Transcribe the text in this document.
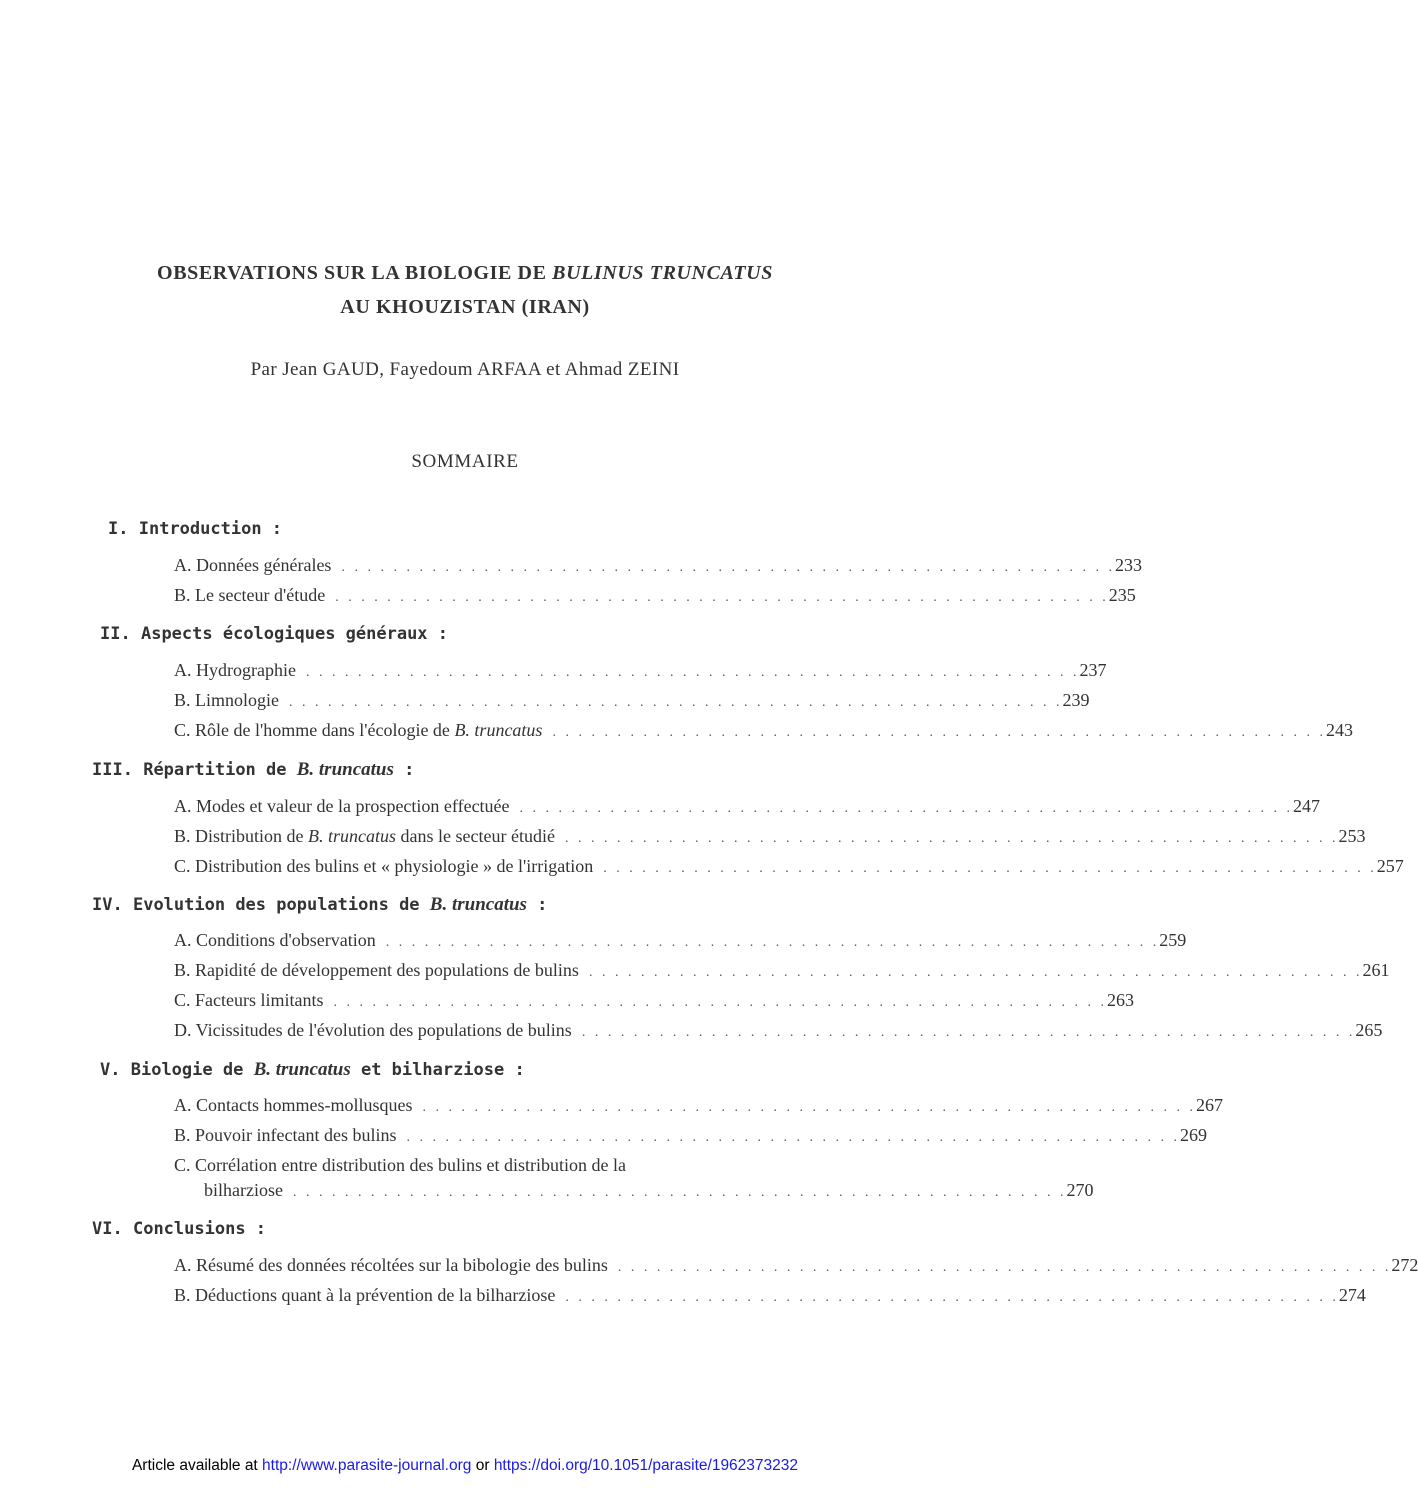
OBSERVATIONS SUR LA BIOLOGIE DE BULINUS TRUNCATUS
AU KHOUZISTAN (IRAN)
Par Jean GAUD, Fayedoum ARFAA et Ahmad ZEINI
SOMMAIRE
I. Introduction :
II. Aspects écologiques généraux :
III. Répartition de B. truncatus :
IV. Evolution des populations de B. truncatus :
V. Biologie de B. truncatus et bilharziose :
VI. Conclusions :
A. Données générales . . . . . . . . . . . . . . . . . . . . . . . . . . . . . . . . . . . . . . . . . . . . . . . . . . . . . . . . . . . . 233
B. Le secteur d'étude . . . . . . . . . . . . . . . . . . . . . . . . . . . . . . . . . . . . . . . . . . . . . . . . . . . . . . . . . . . . 235
A. Hydrographie . . . . . . . . . . . . . . . . . . . . . . . . . . . . . . . . . . . . . . . . . . . . . . . . . . . . . . . . . . . . 237
B. Limnologie . . . . . . . . . . . . . . . . . . . . . . . . . . . . . . . . . . . . . . . . . . . . . . . . . . . . . . . . . . . . 239
C. Rôle de l'homme dans l'écologie de B. truncatus . . . . . . . . . . . . . . . . . . . . . . . . . . . . . . . . . . . . . . . . . . . . . . . . . . . . . . . . . . . . 243
A. Modes et valeur de la prospection effectuée . . . . . . . . . . . . . . . . . . . . . . . . . . . . . . . . . . . . . . . . . . . . . . . . . . . . . . . . . . . . 247
B. Distribution de B. truncatus dans le secteur étudié . . . . . . . . . . . . . . . . . . . . . . . . . . . . . . . . . . . . . . . . . . . . . . . . . . . . . . . . . . . . 253
C. Distribution des bulins et « physiologie » de l'irrigation . . . . . . . . . . . . . . . . . . . . . . . . . . . . . . . . . . . . . . . . . . . . . . . . . . . . . . . . . . . . 257
A. Conditions d'observation . . . . . . . . . . . . . . . . . . . . . . . . . . . . . . . . . . . . . . . . . . . . . . . . . . . . . . . . . . . . 259
B. Rapidité de développement des populations de bulins . . . . . . . . . . . . . . . . . . . . . . . . . . . . . . . . . . . . . . . . . . . . . . . . . . . . . . . . . . . . 261
C. Facteurs limitants . . . . . . . . . . . . . . . . . . . . . . . . . . . . . . . . . . . . . . . . . . . . . . . . . . . . . . . . . . . . 263
D. Vicissitudes de l'évolution des populations de bulins . . . . . . . . . . . . . . . . . . . . . . . . . . . . . . . . . . . . . . . . . . . . . . . . . . . . . . . . . . . . 265
A. Contacts hommes-mollusques . . . . . . . . . . . . . . . . . . . . . . . . . . . . . . . . . . . . . . . . . . . . . . . . . . . . . . . . . . . . 267
B. Pouvoir infectant des bulins . . . . . . . . . . . . . . . . . . . . . . . . . . . . . . . . . . . . . . . . . . . . . . . . . . . . . . . . . . . . 269
C. Corrélation entre distribution des bulins et distribution de la
bilharziose . . . . . . . . . . . . . . . . . . . . . . . . . . . . . . . . . . . . . . . . . . . . . . . . . . . . . . . . . . . . 270
A. Résumé des données récoltées sur la bibologie des bulins . . . . . . . . . . . . . . . . . . . . . . . . . . . . . . . . . . . . . . . . . . . . . . . . . . . . . . . . . . . . 272
B. Déductions quant à la prévention de la bilharziose . . . . . . . . . . . . . . . . . . . . . . . . . . . . . . . . . . . . . . . . . . . . . . . . . . . . . . . . . . . . 274
Article available at http://www.parasite-journal.org or https://doi.org/10.1051/parasite/1962373232
